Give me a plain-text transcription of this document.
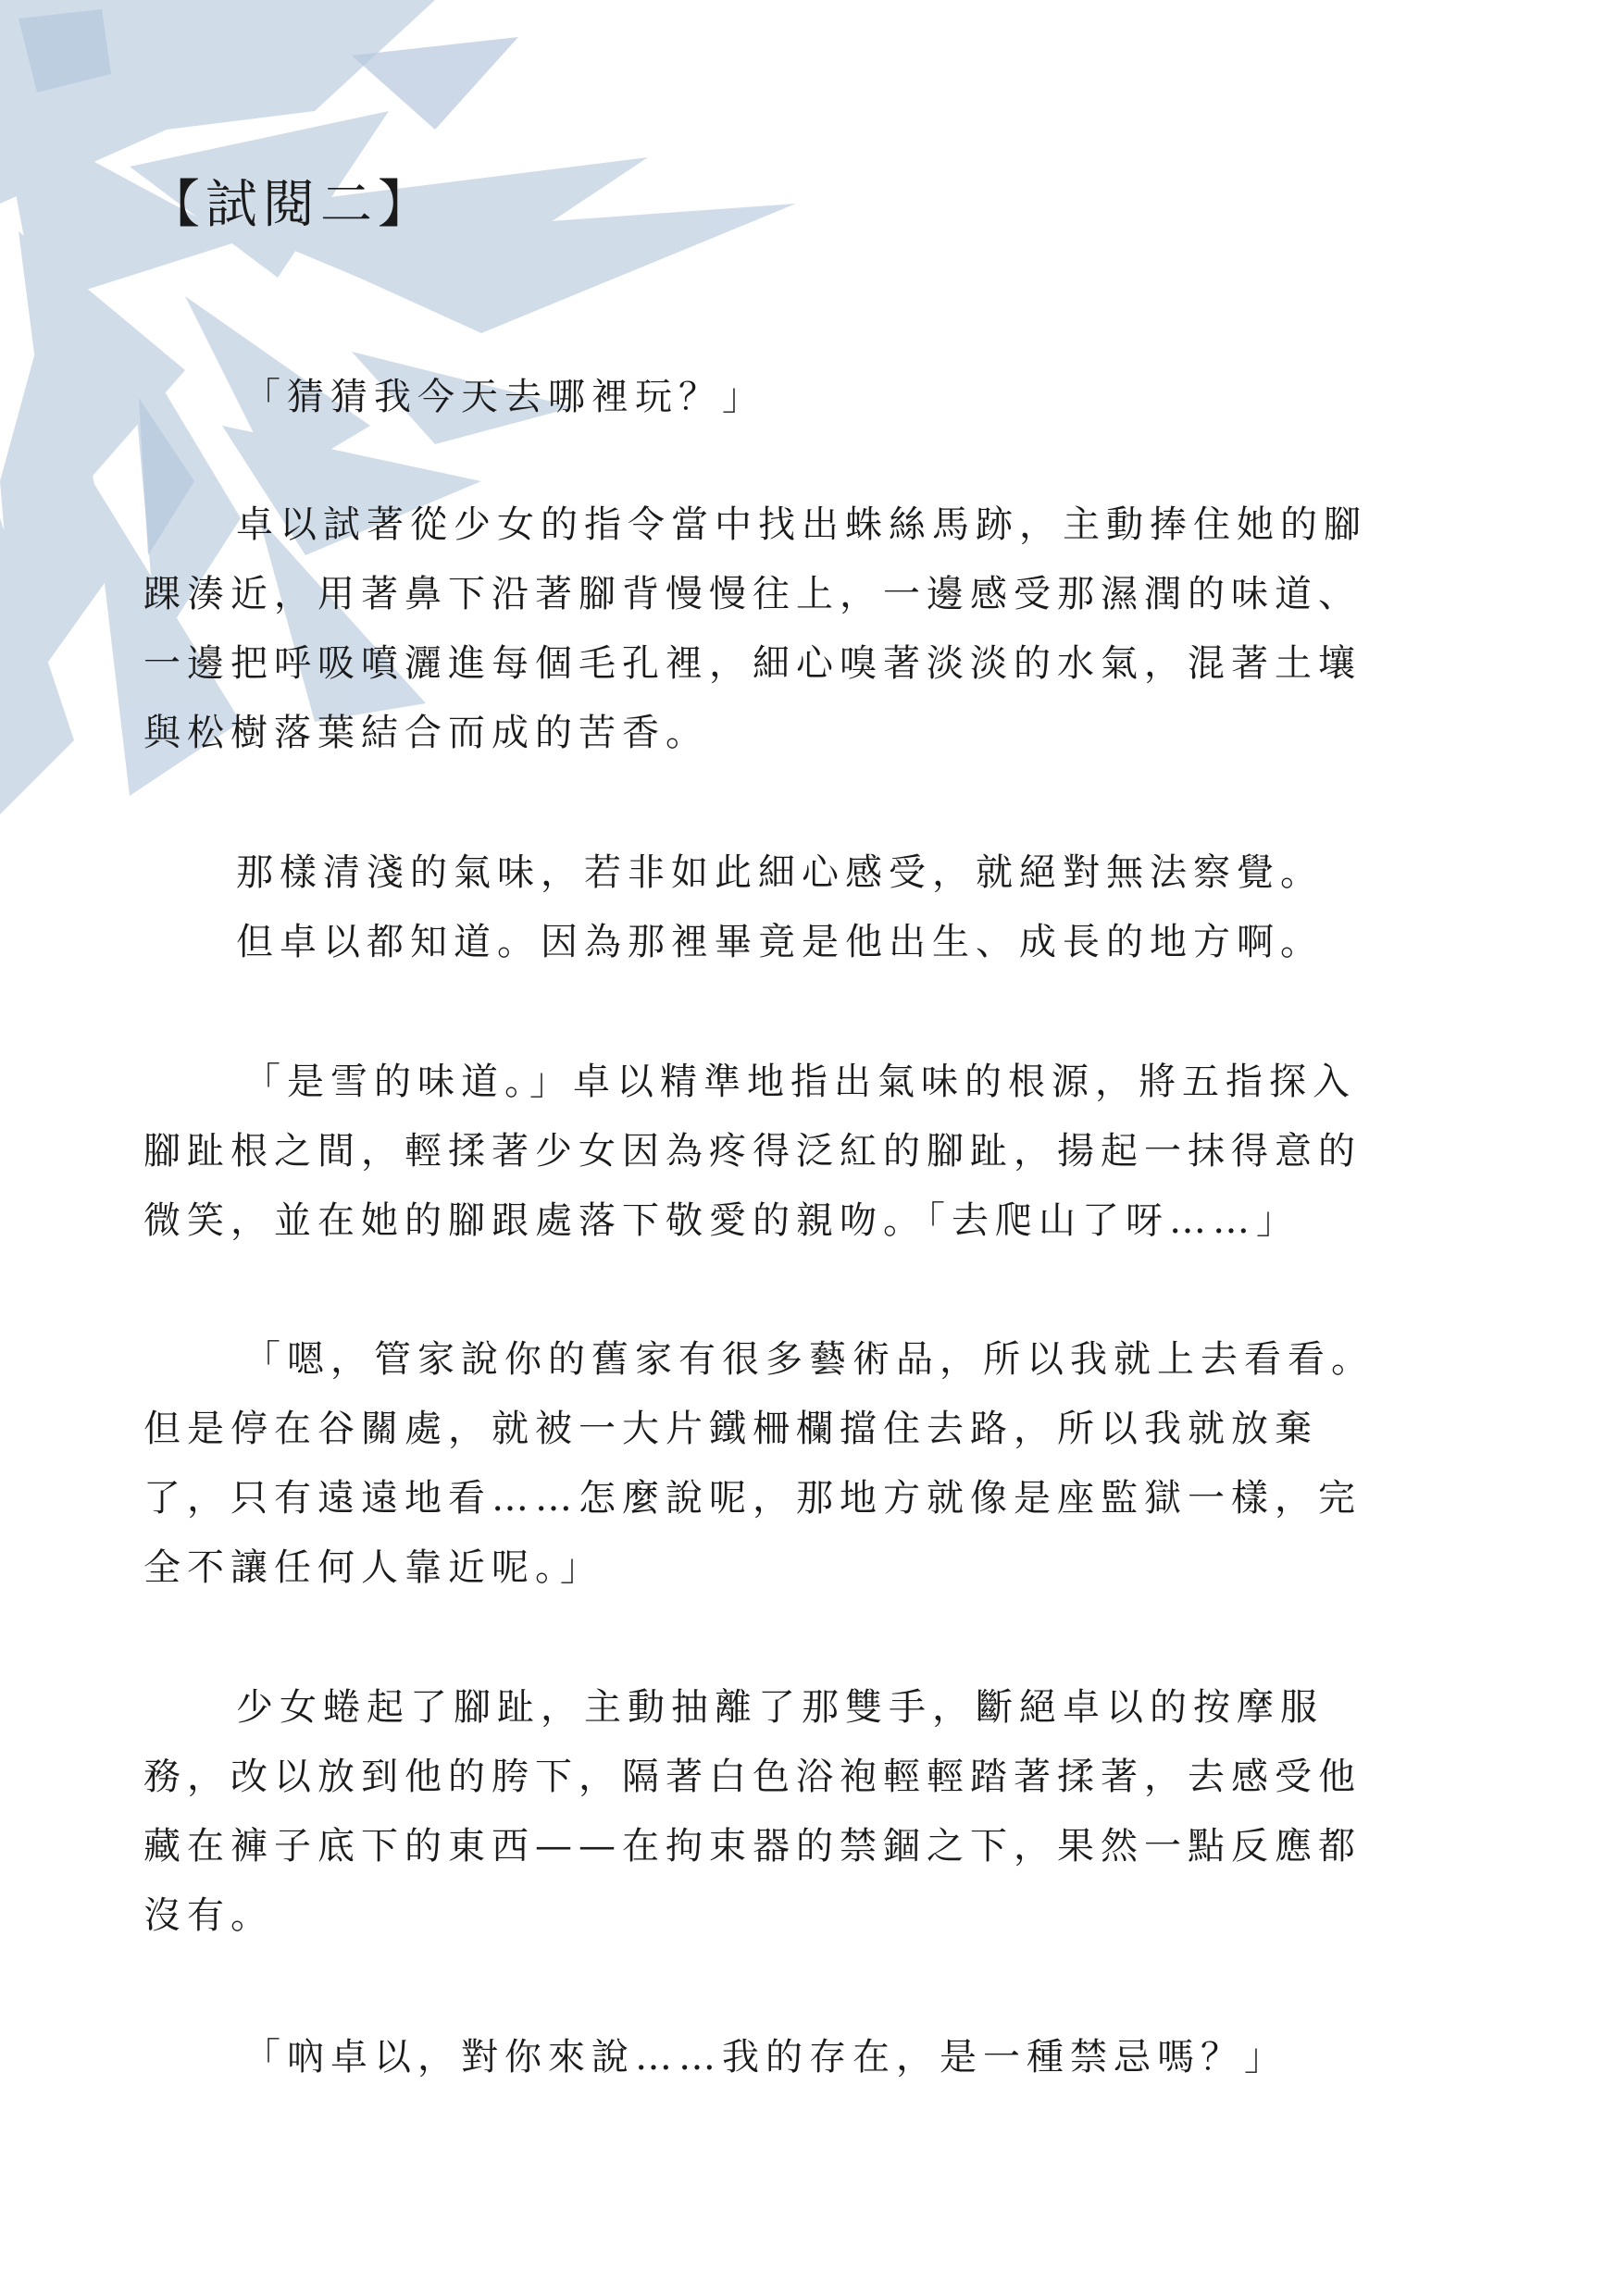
【試閱二】
「猜猜我今天去哪裡玩？」
卓以試著從少女的指令當中找出蛛絲馬跡，主動捧住她的腳
踝湊近，用著鼻下沿著腳背慢慢往上，一邊感受那濕潤的味道、
一邊把呼吸噴灑進每個毛孔裡，細心嗅著淡淡的水氣，混著土壤
與松樹落葉結合而成的苦香。
那樣清淺的氣味，若非如此細心感受，就絕對無法察覺。
但卓以都知道。因為那裡畢竟是他出生、成長的地方啊。
「是雪的味道。」卓以精準地指出氣味的根源，將五指探入
腳趾根之間，輕揉著少女因為疼得泛紅的腳趾，揚起一抹得意的
微笑，並在她的腳跟處落下敬愛的親吻。「去爬山了呀……」
「嗯，管家說你的舊家有很多藝術品，所以我就上去看看。
但是停在谷關處，就被一大片鐵柵欄擋住去路，所以我就放棄
了，只有遠遠地看……怎麼說呢，那地方就像是座監獄一樣，完
全不讓任何人靠近呢。」
少女蜷起了腳趾，主動抽離了那雙手，斷絕卓以的按摩服
務，改以放到他的胯下，隔著白色浴袍輕輕踏著揉著，去感受他
藏在褲子底下的東西——在拘束器的禁錮之下，果然一點反應都
沒有。
「吶卓以，對你來說……我的存在，是一種禁忌嗎？」
